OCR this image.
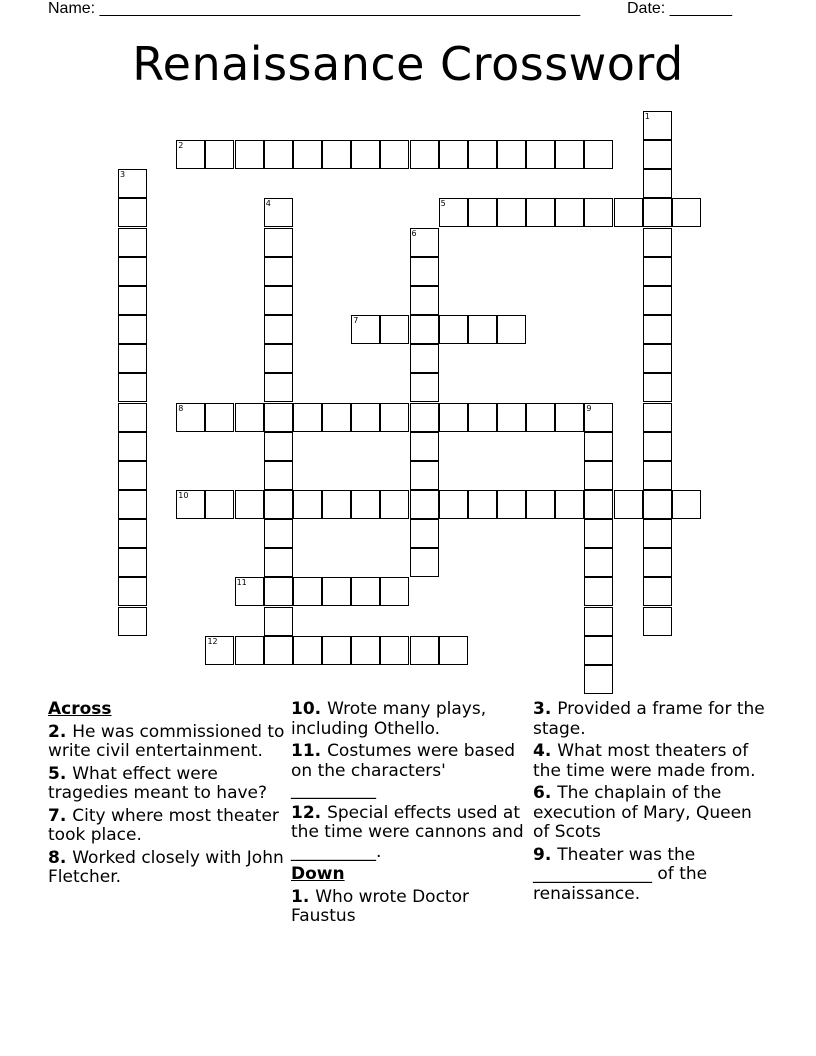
Name: ______________________________________________________	Date: _______
Renaissance Crossword
1
2
3
4	5
6
7
8	9
10
11
12
Across
2. He was commissioned to write civil entertainment.
5. What effect were tragedies meant to have?
7. City where most theater took place.
8. Worked closely with John Fletcher.
10. Wrote many plays, including Othello.
11. Costumes were based on the characters' __________
12. Special effects used at the time were cannons and __________.
Down
1. Who wrote Doctor Faustus
3. Provided a frame for the stage.
4. What most theaters of the time were made from.
6. The chaplain of the execution of Mary, Queen of Scots
9. Theater was the ______________ of the renaissance.
